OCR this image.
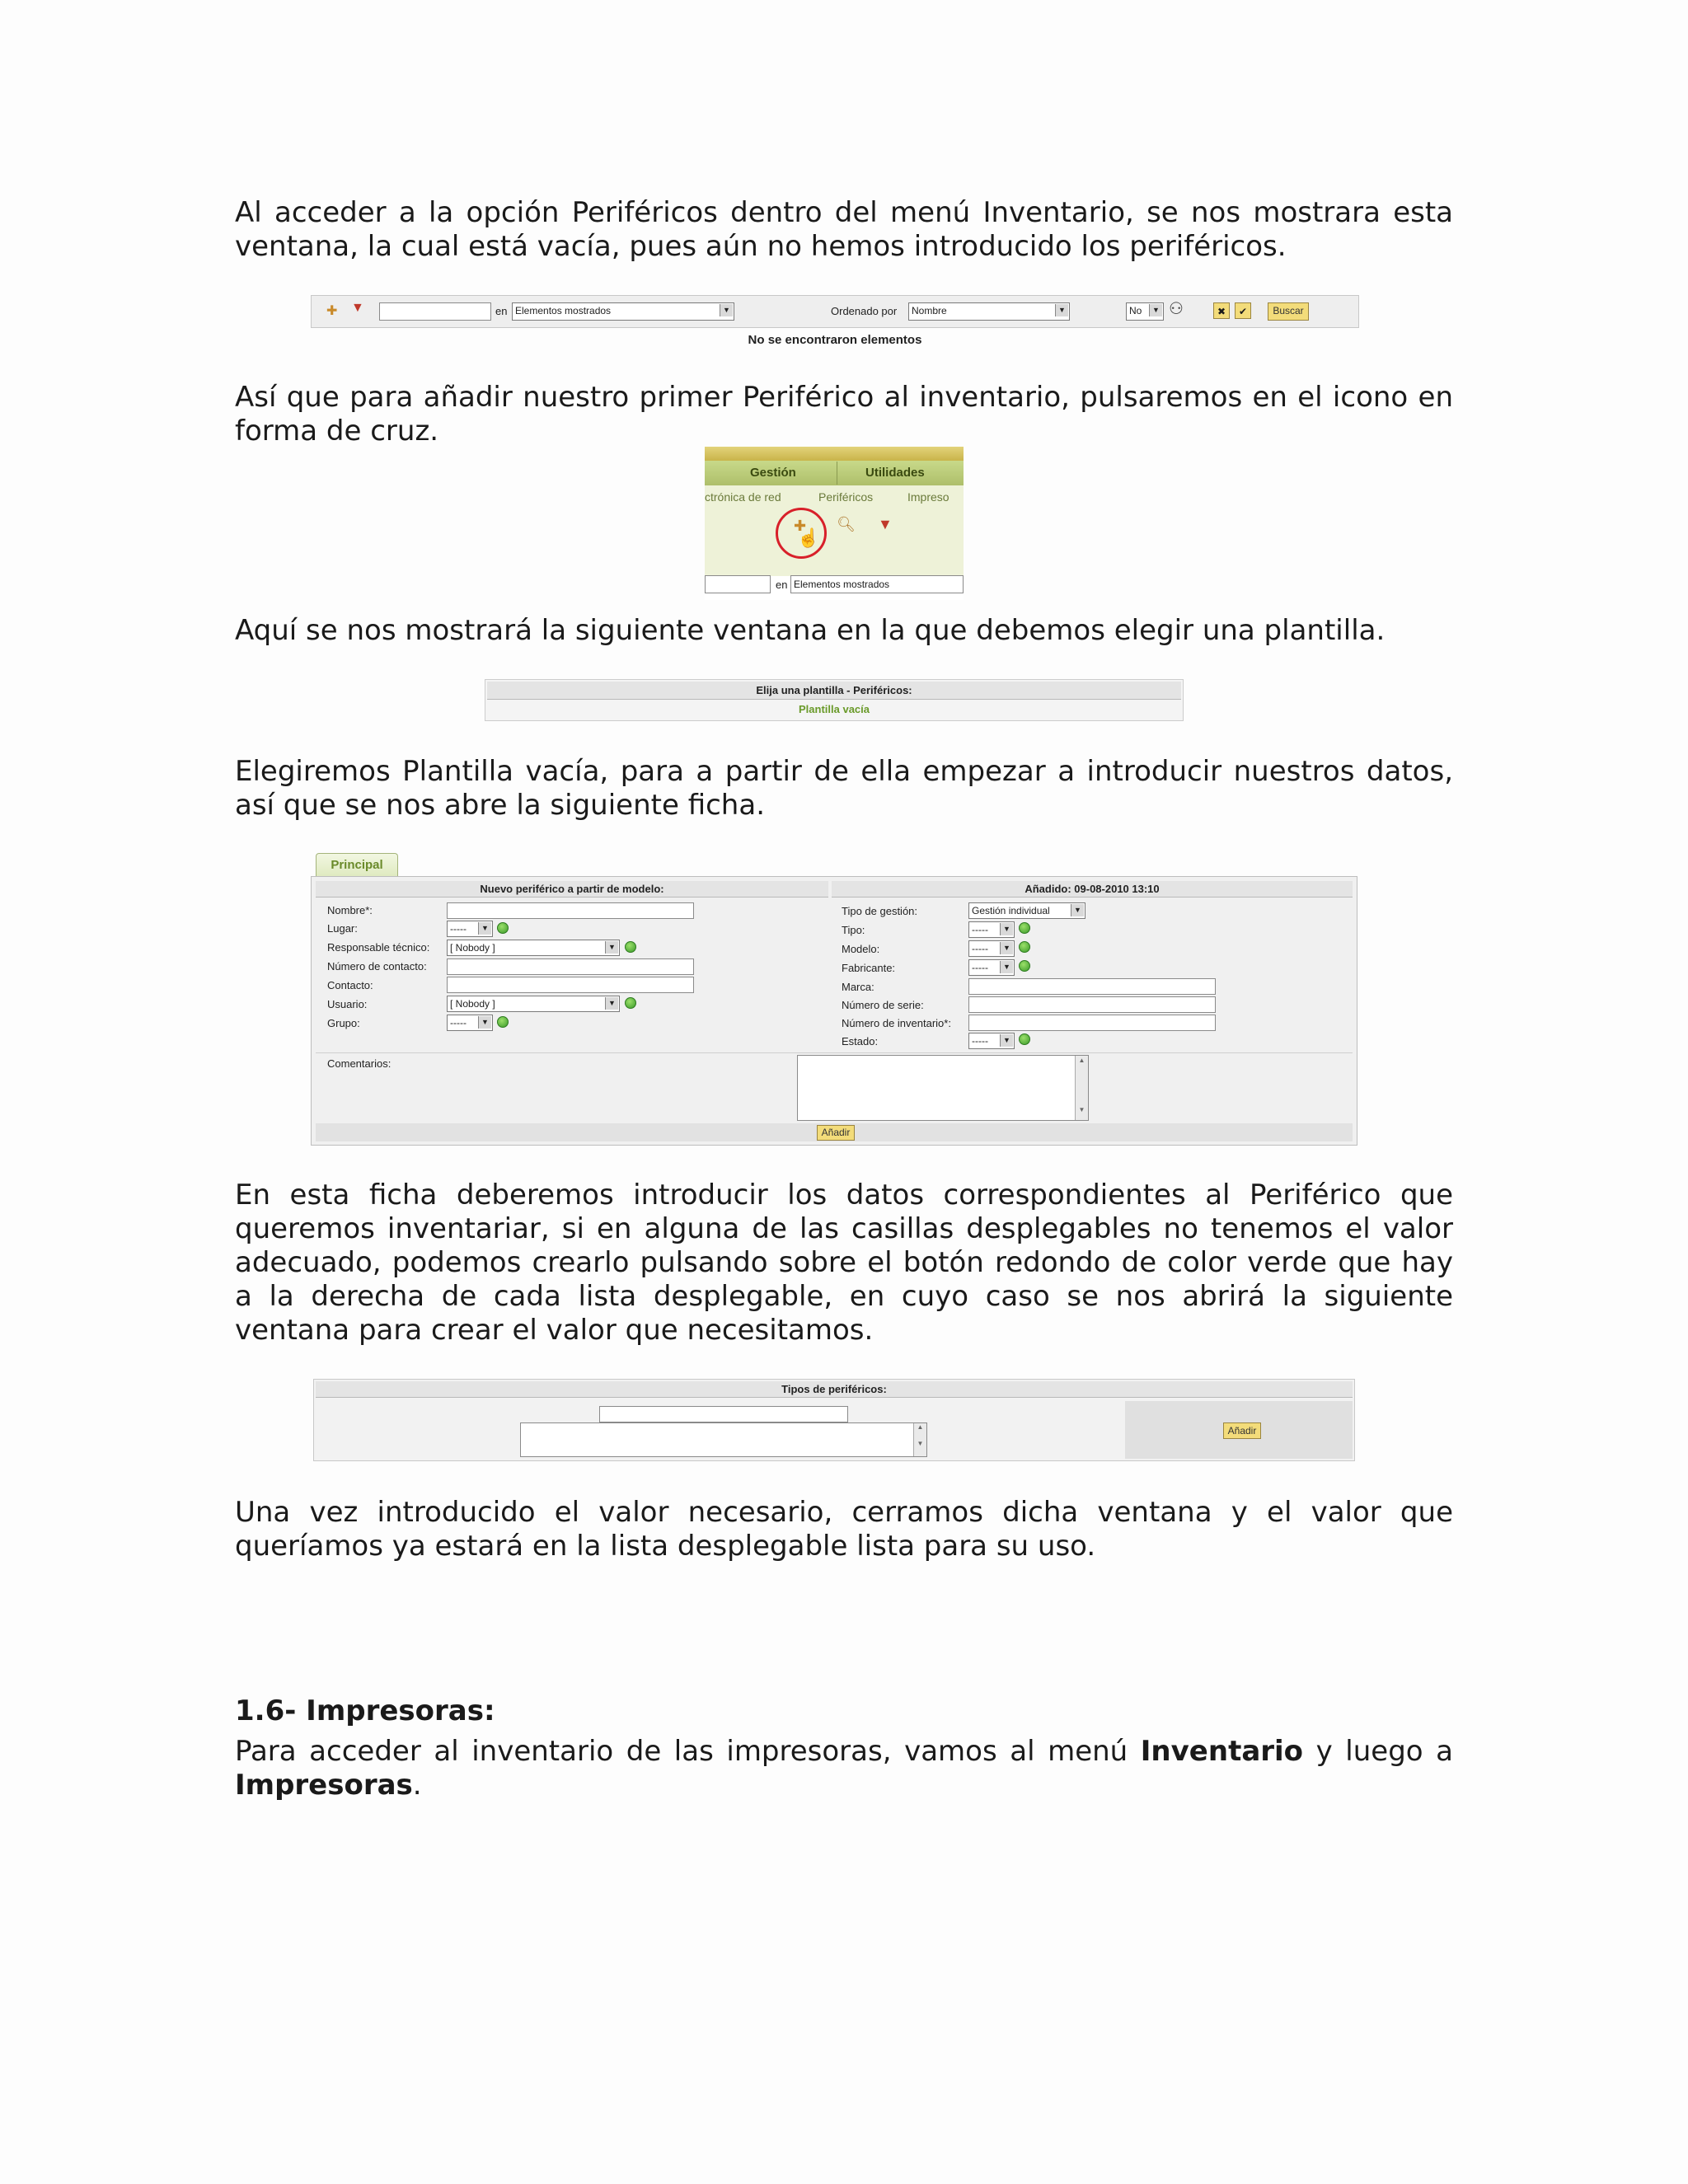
Al acceder a la opción Periféricos dentro del menú Inventario, se nos mostrara esta ventana, la cual está vacía, pues aún no hemos introducido los periféricos.

✚ ▼	en Elementos mostrados	▼	Ordenado por	Nombre	▼	No	▼ ⚇	✖	✔	Buscar
No se encontraron elementos

Así que para añadir nuestro primer Periférico al inventario, pulsaremos en el icono en forma de cruz.

Gestión	Utilidades
ctrónica de red	Periféricos	Impreso
✚
☝
🔍︎ ▼
en Elementos mostrados

Aquí se nos mostrará la siguiente ventana en la que debemos elegir una plantilla.

Elija una plantilla - Periféricos:
Plantilla vacía

Elegiremos Plantilla vacía, para a partir de ella empezar a introducir nuestros datos, así que se nos abre la siguiente ficha.

Principal
Nuevo periférico a partir de modelo:	Añadido: 09-08-2010 13:10
Nombre*:
Lugar:	-----	▼
Responsable técnico:	[ Nobody ]	▼
Número de contacto:
Contacto:
Usuario:	[ Nobody ]	▼
Grupo:	-----	▼
Tipo de gestión:	Gestión individual	▼
Tipo:	-----	▼
Modelo:	-----	▼
Fabricante:	-----	▼
Marca:
Número de serie:
Número de inventario*:
Estado:	-----	▼
Comentarios:	▲

▼
Añadir

En esta ficha deberemos introducir los datos correspondientes al Periférico que queremos inventariar, si en alguna de las casillas desplegables no tenemos el valor adecuado, podemos crearlo pulsando sobre el botón redondo de color verde que hay a la derecha de cada lista desplegable, en cuyo caso se nos abrirá la siguiente ventana para crear el valor que necesitamos.

Tipos de periféricos:
▲

▼
Añadir

Una vez introducido el valor necesario, cerramos dicha ventana y el valor que queríamos ya estará en la lista desplegable lista para su uso.

1.6- Impresoras:

Para acceder al inventario de las impresoras, vamos al menú Inventario y luego a Impresoras.
